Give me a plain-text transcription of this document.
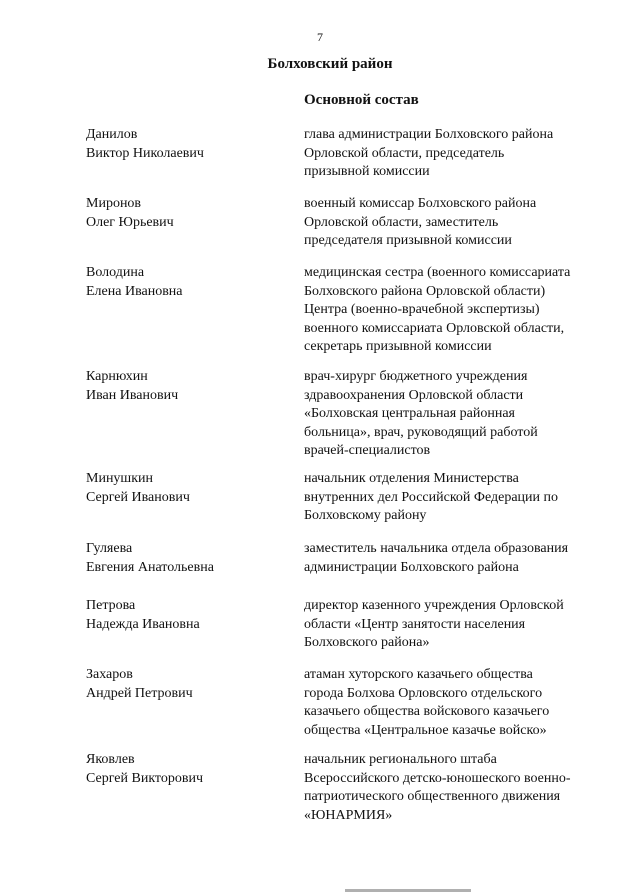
7
Болховский район
Основной состав
Данилов
Виктор Николаевич
глава администрации Болховского района
Орловской области, председатель
призывной комиссии
Миронов
Олег Юрьевич
военный комиссар Болховского района
Орловской области, заместитель
председателя призывной комиссии
Володина
Елена Ивановна
медицинская сестра (военного комиссариата
Болховского района Орловской области)
Центра (военно-врачебной экспертизы)
военного комиссариата Орловской области,
секретарь призывной комиссии
Карнюхин
Иван Иванович
врач-хирург бюджетного учреждения
здравоохранения Орловской области
«Болховская центральная районная
больница», врач, руководящий работой
врачей-специалистов
Минушкин
Сергей Иванович
начальник отделения Министерства
внутренних дел Российской Федерации по
Болховскому району
Гуляева
Евгения Анатольевна
заместитель начальника отдела образования
администрации Болховского района
Петрова
Надежда Ивановна
директор казенного учреждения Орловской
области «Центр занятости населения
Болховского района»
Захаров
Андрей Петрович
атаман хуторского казачьего общества
города Болхова Орловского отдельского
казачьего общества войскового казачьего
общества «Центральное казачье войско»
Яковлев
Сергей Викторович
начальник регионального штаба
Всероссийского детско-юношеского военно-
патриотического общественного движения
«ЮНАРМИЯ»
